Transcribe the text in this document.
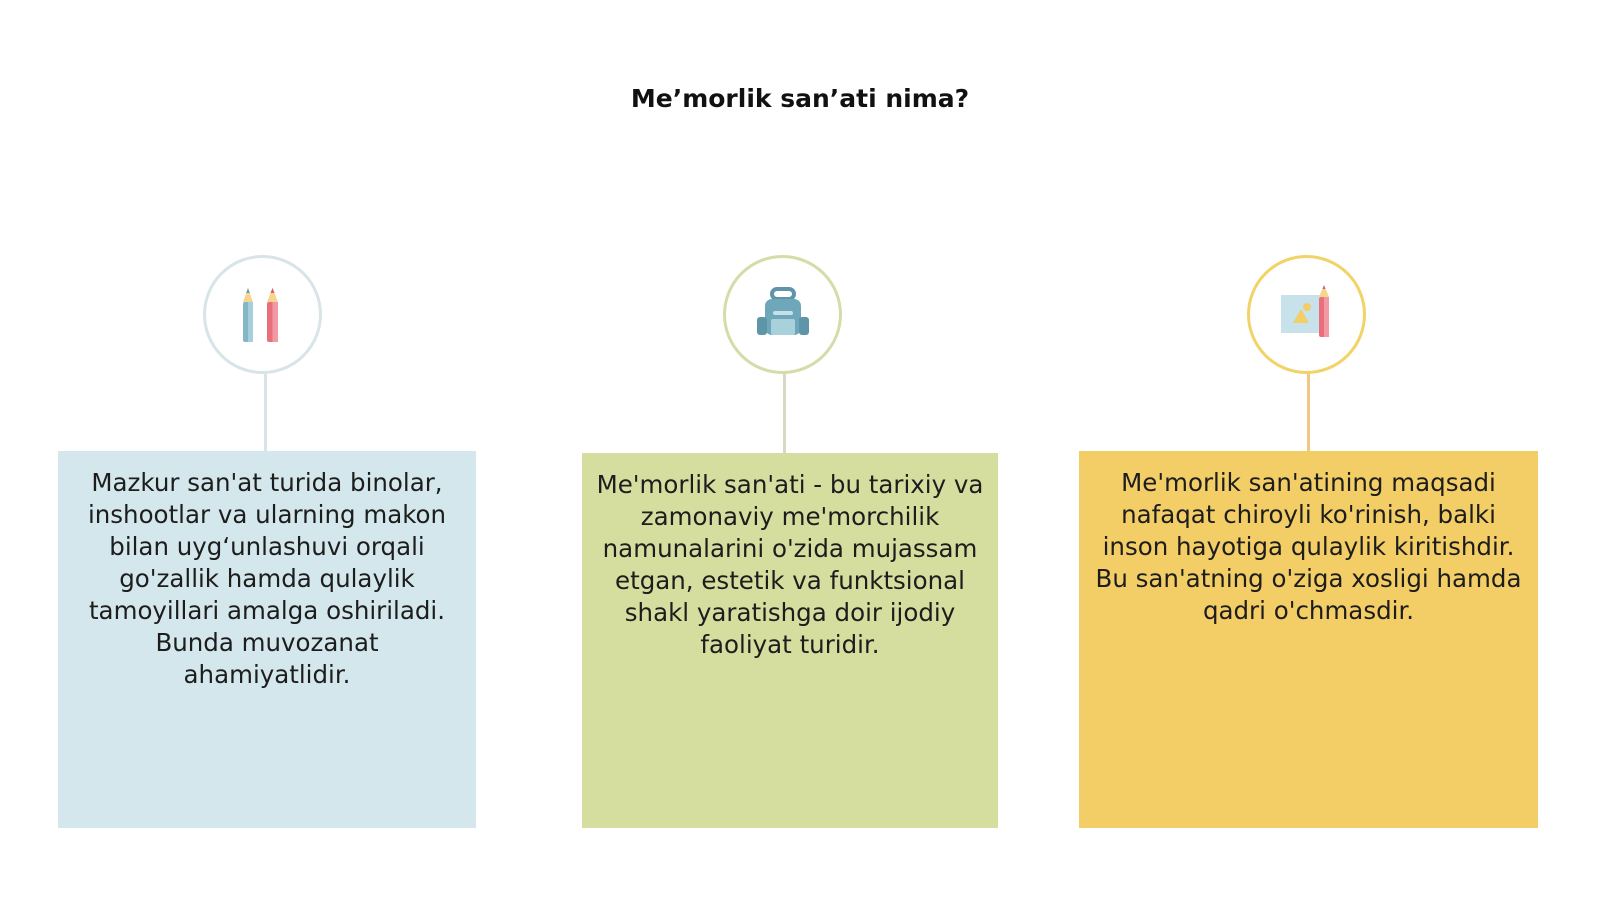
Me’morlik san’ati nima?

Mazkur san'at turida binolar, inshootlar va ularning makon bilan uyg‘unlashuvi orqali go'zallik hamda qulaylik tamoyillari amalga oshiriladi. Bunda muvozanat ahamiyatlidir.

Me'morlik san'ati - bu tarixiy va zamonaviy me'morchilik namunalarini o'zida mujassam etgan, estetik va funktsional shakl yaratishga doir ijodiy faoliyat turidir.

Me'morlik san'atining maqsadi nafaqat chiroyli ko'rinish, balki inson hayotiga qulaylik kiritishdir. Bu san'atning o'ziga xosligi hamda qadri o'chmasdir.
